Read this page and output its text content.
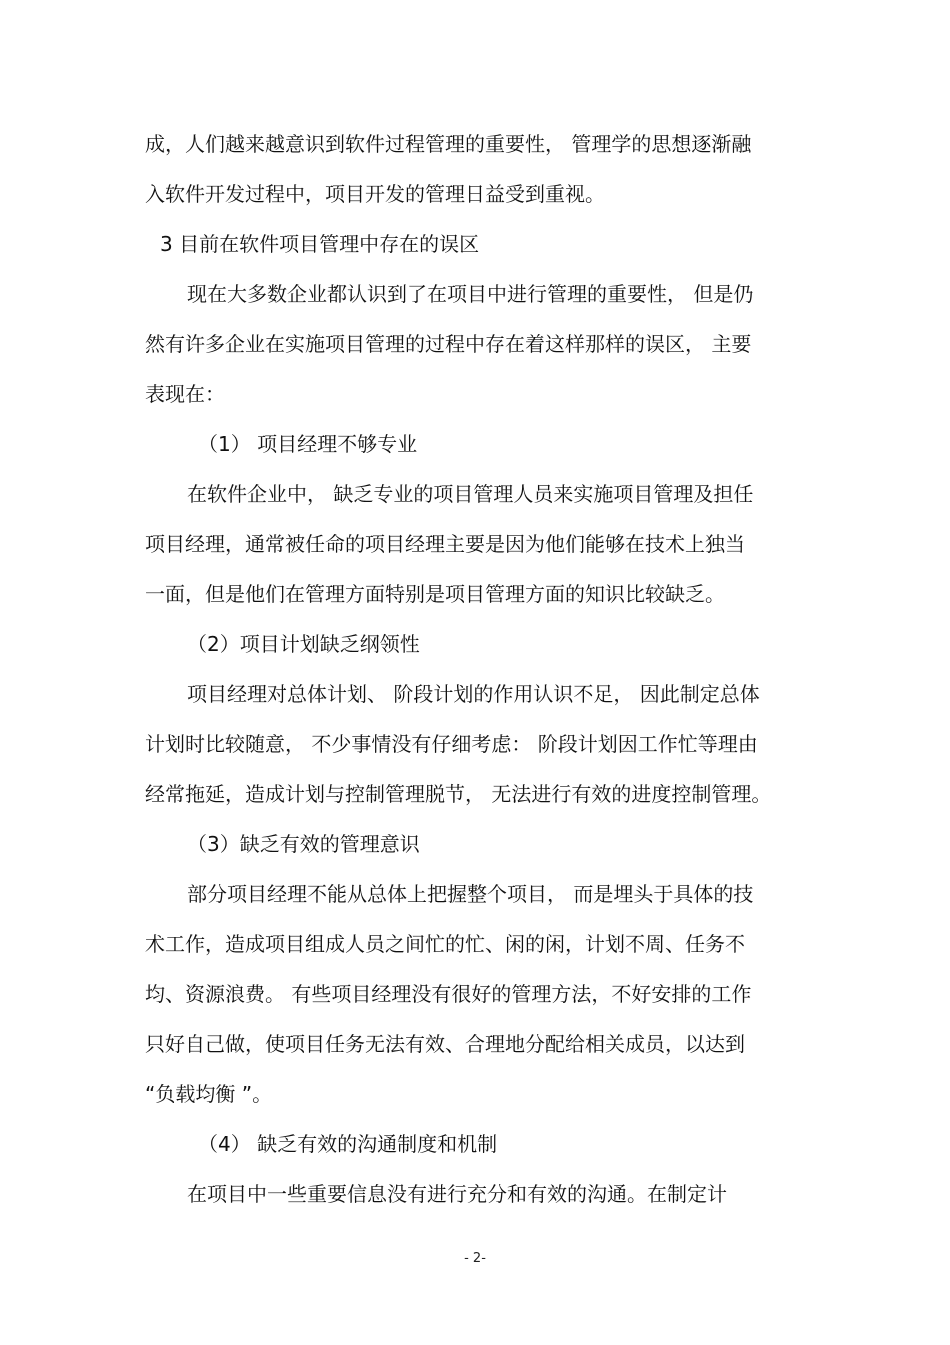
成，人们越来越意识到软件过程管理的重要性， 管理学的思想逐渐融
入软件开发过程中，项目开发的管理日益受到重视。
3 目前在软件项目管理中存在的误区
现在大多数企业都认识到了在项目中进行管理的重要性， 但是仍
然有许多企业在实施项目管理的过程中存在着这样那样的误区， 主要
表现在：
（1） 项目经理不够专业
在软件企业中， 缺乏专业的项目管理人员来实施项目管理及担任
项目经理，通常被任命的项目经理主要是因为他们能够在技术上独当
一面，但是他们在管理方面特别是项目管理方面的知识比较缺乏。
（2）项目计划缺乏纲领性
项目经理对总体计划、 阶段计划的作用认识不足， 因此制定总体
计划时比较随意， 不少事情没有仔细考虑： 阶段计划因工作忙等理由
经常拖延，造成计划与控制管理脱节， 无法进行有效的进度控制管理。
（3）缺乏有效的管理意识
部分项目经理不能从总体上把握整个项目， 而是埋头于具体的技
术工作，造成项目组成人员之间忙的忙、闲的闲，计划不周、任务不
均、资源浪费。 有些项目经理没有很好的管理方法，不好安排的工作
只好自己做，使项目任务无法有效、合理地分配给相关成员，以达到
“负载均衡 ”。
（4） 缺乏有效的沟通制度和机制
在项目中一些重要信息没有进行充分和有效的沟通。在制定计
- 2-
